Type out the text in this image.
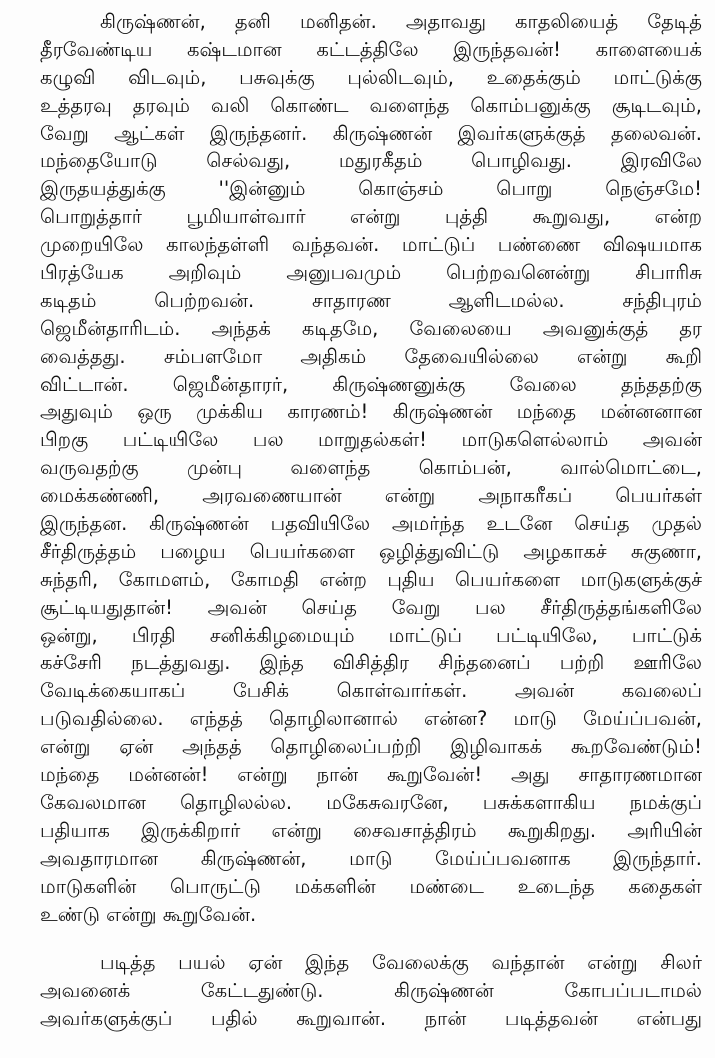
கிருஷ்ணன், தனி மனிதன். அதாவது காதலியைத் தேடித்
தீரவேண்டிய கஷ்டமான கட்டத்திலே இருந்தவன்! காளையைக்
கழுவி விடவும், பசுவுக்கு புல்லிடவும், உதைக்கும் மாட்டுக்கு
உத்தரவு தரவும் வலி கொண்ட வளைந்த கொம்பனுக்கு சூடிடவும்,
வேறு ஆட்கள் இருந்தனர். கிருஷ்ணன் இவர்களுக்குத் தலைவன்.
மந்தையோடு செல்வது, மதுரகீதம் பொழிவது. இரவிலே
இருதயத்துக்கு ''இன்னும் கொஞ்சம் பொறு நெஞ்சமே!
பொறுத்தார் பூமியாள்வார் என்று புத்தி கூறுவது, என்ற
முறையிலே காலந்தள்ளி வந்தவன். மாட்டுப் பண்ணை விஷயமாக
பிரத்யேக அறிவும் அனுபவமும் பெற்றவனென்று சிபாரிசு
கடிதம் பெற்றவன். சாதாரண ஆளிடமல்ல. சந்திபுரம்
ஜெமீன்தாரிடம். அந்தக் கடிதமே, வேலையை அவனுக்குத் தர
வைத்தது. சம்பளமோ அதிகம் தேவையில்லை என்று கூறி
விட்டான். ஜெமீன்தாரர், கிருஷ்ணனுக்கு வேலை தந்ததற்கு
அதுவும் ஒரு முக்கிய காரணம்! கிருஷ்ணன் மந்தை மன்னனான
பிறகு பட்டியிலே பல மாறுதல்கள்! மாடுகளெல்லாம் அவன்
வருவதற்கு முன்பு வளைந்த கொம்பன், வால்மொட்டை,
மைக்கண்ணி, அரவணையான் என்று அநாகரீகப் பெயர்கள்
இருந்தன. கிருஷ்ணன் பதவியிலே அமர்ந்த உடனே செய்த முதல்
சீர்திருத்தம் பழைய பெயர்களை ஒழித்துவிட்டு அழகாகச் சுகுணா,
சுந்தரி, கோமளம், கோமதி என்ற புதிய பெயர்களை மாடுகளுக்குச்
சூட்டியதுதான்! அவன் செய்த வேறு பல சீர்திருத்தங்களிலே
ஒன்று, பிரதி சனிக்கிழமையும் மாட்டுப் பட்டியிலே, பாட்டுக்
கச்சேரி நடத்துவது. இந்த விசித்திர சிந்தனைப் பற்றி ஊரிலே
வேடிக்கையாகப் பேசிக் கொள்வார்கள். அவன் கவலைப்
படுவதில்லை. எந்தத் தொழிலானால் என்ன? மாடு மேய்ப்பவன்,
என்று ஏன் அந்தத் தொழிலைப்பற்றி இழிவாகக் கூறவேண்டும்!
மந்தை மன்னன்! என்று நான் கூறுவேன்! அது சாதாரணமான
கேவலமான தொழிலல்ல. மகேசுவரனே, பசுக்களாகிய நமக்குப்
பதியாக இருக்கிறார் என்று சைவசாத்திரம் கூறுகிறது. அரியின்
அவதாரமான கிருஷ்ணன், மாடு மேய்ப்பவனாக இருந்தார்.
மாடுகளின் பொருட்டு மக்களின் மண்டை உடைந்த கதைகள்
உண்டு என்று கூறுவேன்.
படித்த பயல் ஏன் இந்த வேலைக்கு வந்தான் என்று சிலர்
அவனைக் கேட்டதுண்டு. கிருஷ்ணன் கோபப்படாமல்
அவர்களுக்குப் பதில் கூறுவான். நான் படித்தவன் என்பது
